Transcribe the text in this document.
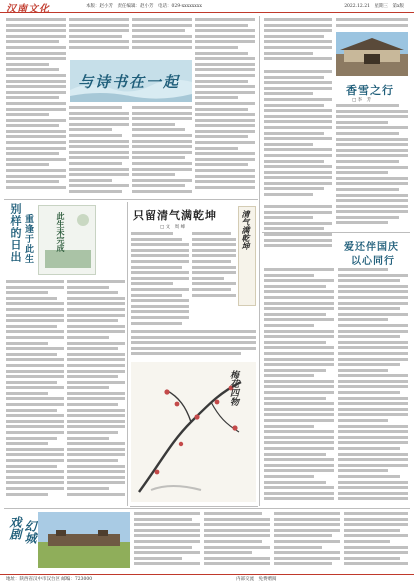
汉南文化	本版：赵小芳　责任编辑：赵小芳　电话：029-xxxxxxxx	2022.12.21　星期三　第x版
与诗书在一起
别样的日出 重逢于此生	此生未完成	只留清气满乾坤
□ 文　周 峰	清气满乾坤
梅花四物
香雪之行
□ 李　芳
爱还伴国庆
以心同行
戏剧 幻城
地址：陕西省汉中市汉台区 邮编：723000	内部交流　免费赠阅
